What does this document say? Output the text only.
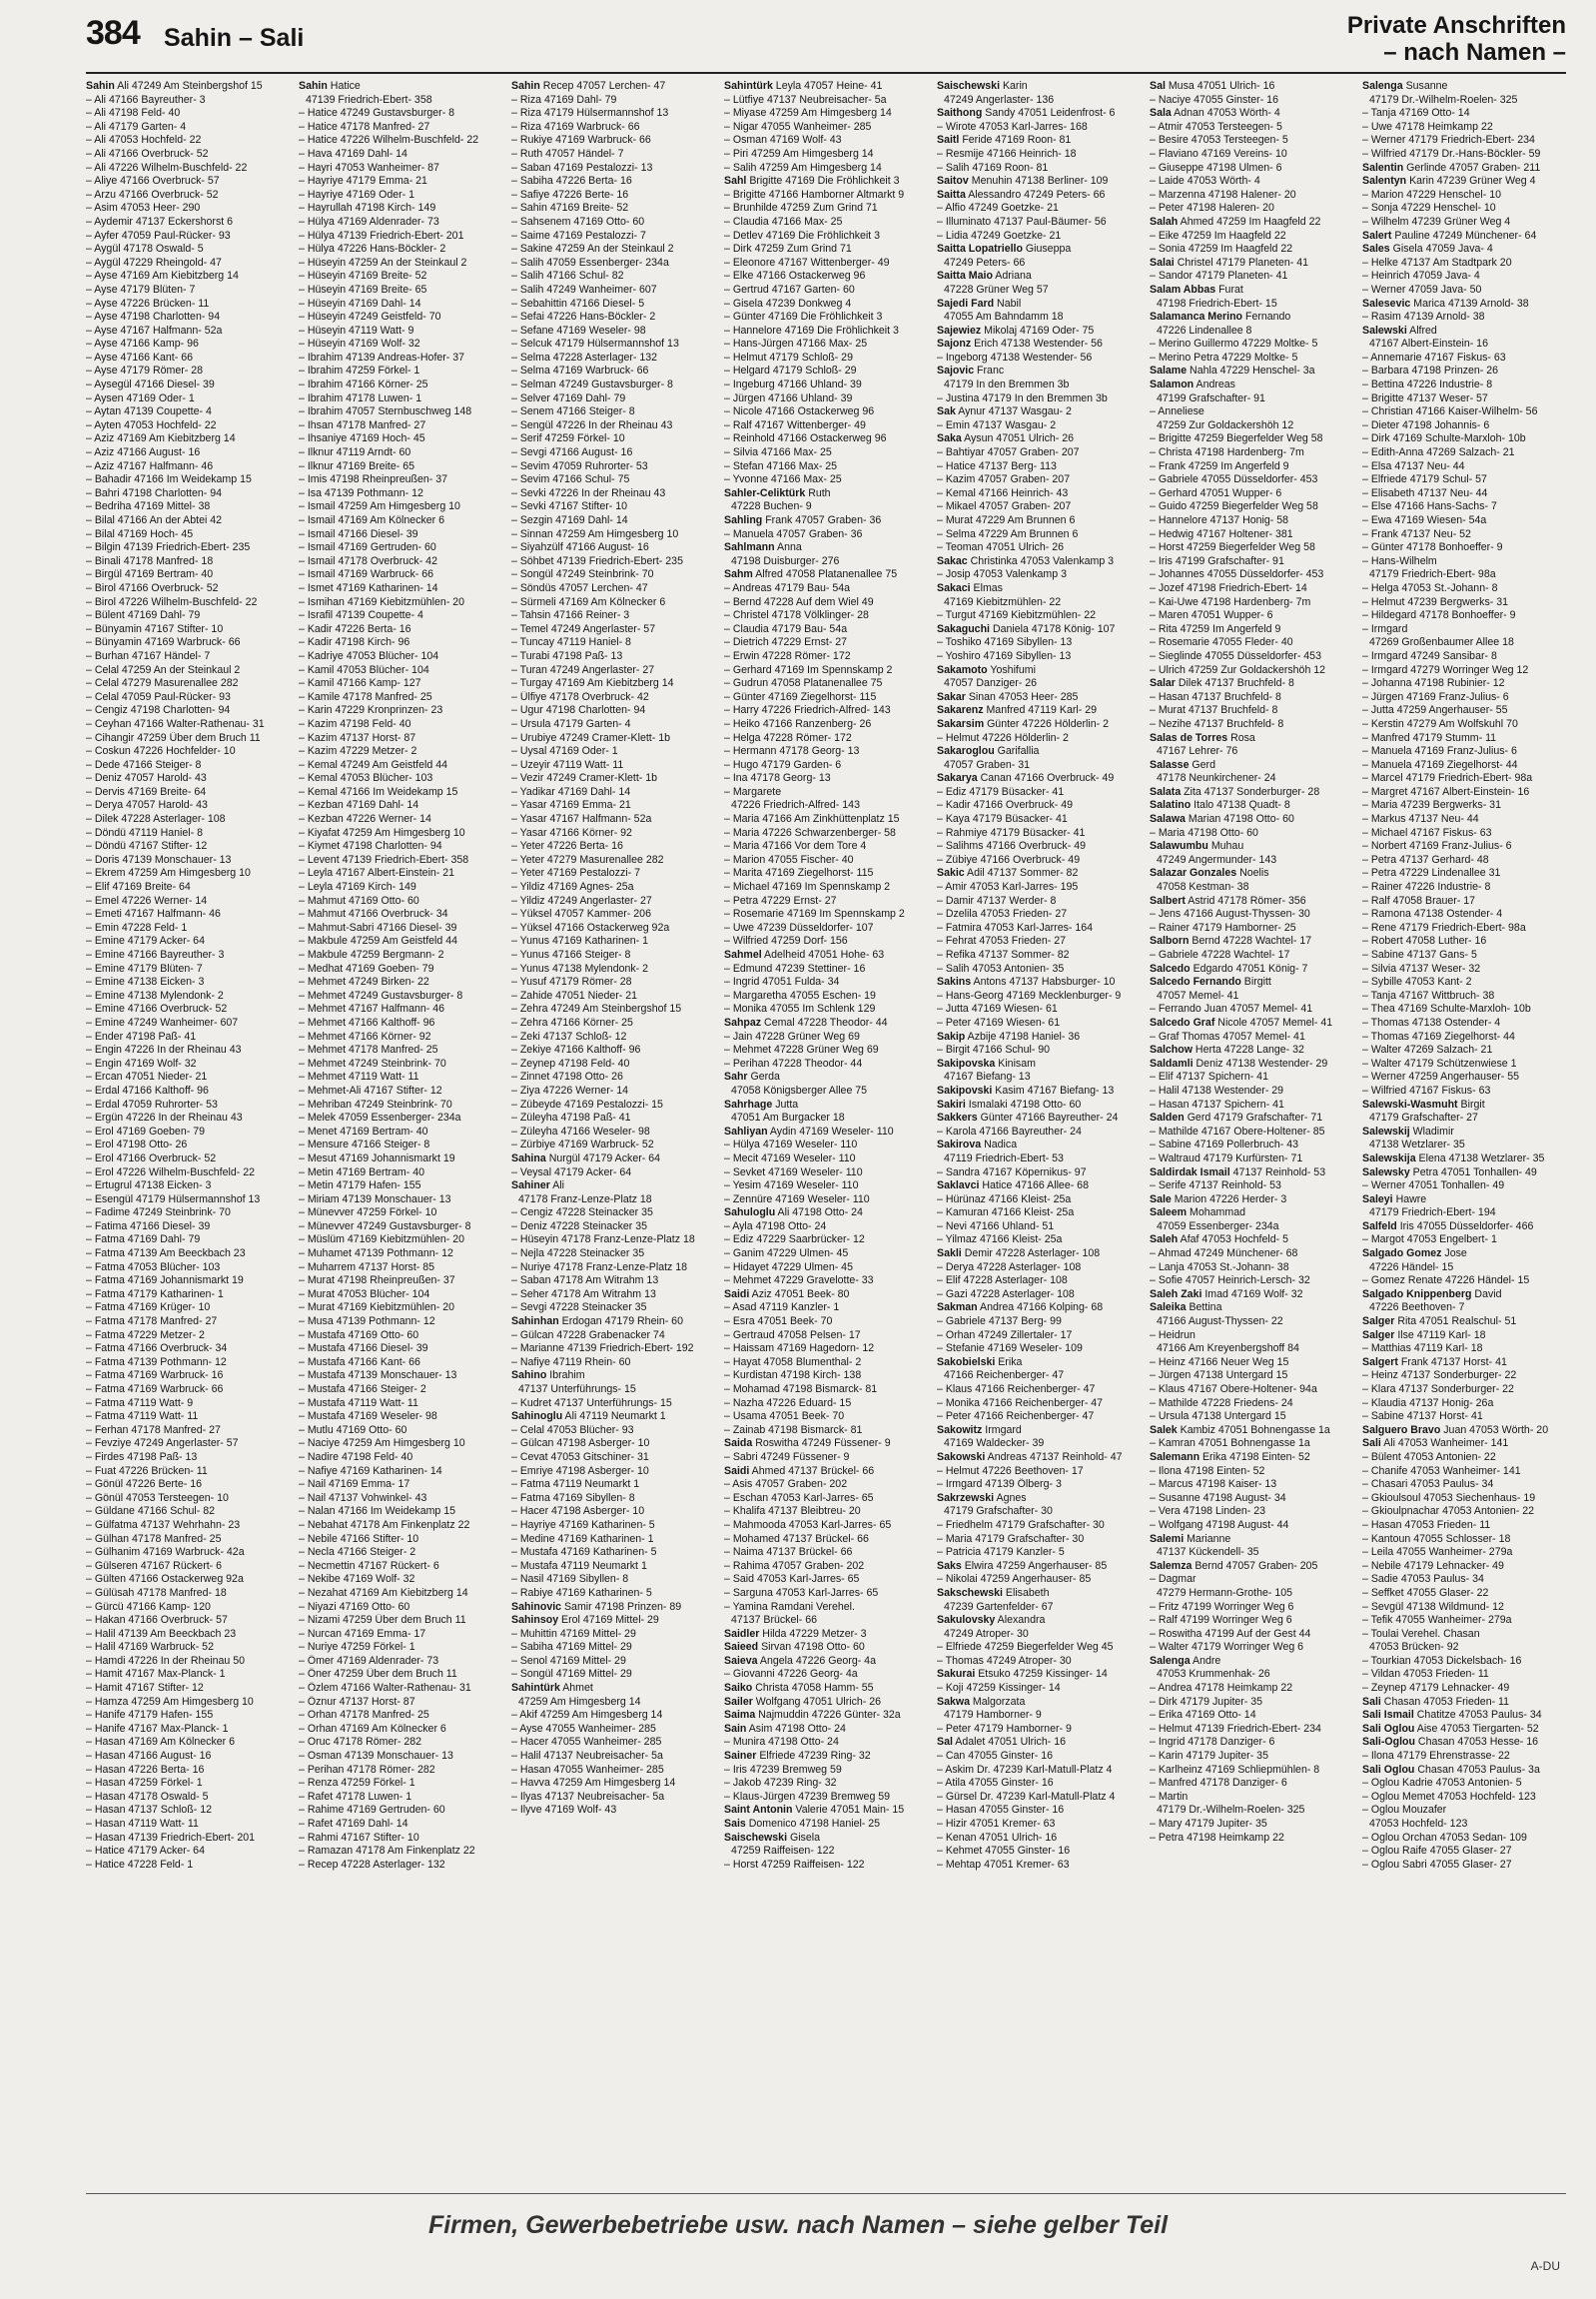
384 Sahin – Sali	Private Anschriften
– nach Namen –

Sahin Ali 47249 Am Steinbergshof 15

– Ali 47166 Bayreuther- 3

– Ali 47198 Feld- 40

– Ali 47179 Garten- 4

– Ali 47053 Hochfeld- 22

– Ali 47166 Overbruck- 52

– Ali 47226 Wilhelm-Buschfeld- 22

– Aliye 47166 Overbruck- 57

– Arzu 47166 Overbruck- 52

– Asim 47053 Heer- 290

– Aydemir 47137 Eckershorst 6

– Ayfer 47059 Paul-Rücker- 93

– Aygül 47178 Oswald- 5

– Aygül 47229 Rheingold- 47

– Ayse 47169 Am Kiebitzberg 14

– Ayse 47179 Blüten- 7

– Ayse 47226 Brücken- 11

– Ayse 47198 Charlotten- 94

– Ayse 47167 Halfmann- 52a

– Ayse 47166 Kamp- 96

– Ayse 47166 Kant- 66

– Ayse 47179 Römer- 28

– Aysegül 47166 Diesel- 39

– Aysen 47169 Oder- 1

– Aytan 47139 Coupette- 4

– Ayten 47053 Hochfeld- 22

– Aziz 47169 Am Kiebitzberg 14

– Aziz 47166 August- 16

– Aziz 47167 Halfmann- 46

– Bahadir 47166 Im Weidekamp 15

– Bahri 47198 Charlotten- 94

– Bedriha 47169 Mittel- 38

– Bilal 47166 An der Abtei 42

– Bilal 47169 Hoch- 45

– Bilgin 47139 Friedrich-Ebert- 235

– Binali 47178 Manfred- 18

– Birgül 47169 Bertram- 40

– Birol 47166 Overbruck- 52

– Birol 47226 Wilhelm-Buschfeld- 22

– Bülent 47169 Dahl- 79

– Bünyamin 47167 Stifter- 10

– Bünyamin 47169 Warbruck- 66

– Burhan 47167 Händel- 7

– Celal 47259 An der Steinkaul 2

– Celal 47279 Masurenallee 282

– Celal 47059 Paul-Rücker- 93

– Cengiz 47198 Charlotten- 94

– Ceyhan 47166 Walter-Rathenau- 31

– Cihangir 47259 Über dem Bruch 11

– Coskun 47226 Hochfelder- 10

– Dede 47166 Steiger- 8

– Deniz 47057 Harold- 43

– Dervis 47169 Breite- 64

– Derya 47057 Harold- 43

– Dilek 47228 Asterlager- 108

– Döndü 47119 Haniel- 8

– Döndü 47167 Stifter- 12

– Doris 47139 Monschauer- 13

– Ekrem 47259 Am Himgesberg 10

– Elif 47169 Breite- 64

– Emel 47226 Werner- 14

– Emeti 47167 Halfmann- 46

– Emin 47228 Feld- 1

– Emine 47179 Acker- 64

– Emine 47166 Bayreuther- 3

– Emine 47179 Blüten- 7

– Emine 47138 Eicken- 3

– Emine 47138 Mylendonk- 2

– Emine 47166 Overbruck- 52

– Emine 47249 Wanheimer- 607

– Ender 47198 Paß- 41

– Engin 47226 In der Rheinau 43

– Engin 47169 Wolf- 32

– Ercan 47051 Nieder- 21

– Erdal 47166 Kalthoff- 96

– Erdal 47059 Ruhrorter- 53

– Ergün 47226 In der Rheinau 43

– Erol 47169 Goeben- 79

– Erol 47198 Otto- 26

– Erol 47166 Overbruck- 52

– Erol 47226 Wilhelm-Buschfeld- 22

– Ertugrul 47138 Eicken- 3

– Esengül 47179 Hülsermannshof 13

– Fadime 47249 Steinbrink- 70

– Fatima 47166 Diesel- 39

– Fatma 47169 Dahl- 79

– Fatma 47139 Am Beeckbach 23

– Fatma 47053 Blücher- 103

– Fatma 47169 Johannismarkt 19

– Fatma 47179 Katharinen- 1

– Fatma 47169 Krüger- 10

– Fatma 47178 Manfred- 27

– Fatma 47229 Metzer- 2

– Fatma 47166 Overbruck- 34

– Fatma 47139 Pothmann- 12

– Fatma 47169 Warbruck- 16

– Fatma 47169 Warbruck- 66

– Fatma 47119 Watt- 9

– Fatma 47119 Watt- 11

– Ferhan 47178 Manfred- 27

– Fevziye 47249 Angerlaster- 57

– Firdes 47198 Paß- 13

– Fuat 47226 Brücken- 11

– Gönül 47226 Berte- 16

– Gönül 47053 Tersteegen- 10

– Güldane 47166 Schul- 82

– Gülfatma 47137 Wehrhahn- 23

– Gülhan 47178 Manfred- 25

– Gülhanim 47169 Warbruck- 42a

– Gülseren 47167 Rückert- 6

– Gülten 47166 Ostackerweg 92a

– Gülüsah 47178 Manfred- 18

– Gürcü 47166 Kamp- 120

– Hakan 47166 Overbruck- 57

– Halil 47139 Am Beeckbach 23

– Halil 47169 Warbruck- 52

– Hamdi 47226 In der Rheinau 50

– Hamit 47167 Max-Planck- 1

– Hamit 47167 Stifter- 12

– Hamza 47259 Am Himgesberg 10

– Hanife 47179 Hafen- 155

– Hanife 47167 Max-Planck- 1

– Hasan 47169 Am Kölnecker 6

– Hasan 47166 August- 16

– Hasan 47226 Berta- 16

– Hasan 47259 Förkel- 1

– Hasan 47178 Oswald- 5

– Hasan 47137 Schloß- 12

– Hasan 47119 Watt- 11

– Hasan 47139 Friedrich-Ebert- 201

– Hatice 47179 Acker- 64

– Hatice 47228 Feld- 1

Sahin Hatice

47139 Friedrich-Ebert- 358

– Hatice 47249 Gustavsburger- 8

– Hatice 47178 Manfred- 27

– Hatice 47226 Wilhelm-Buschfeld- 22

– Hava 47169 Dahl- 14

– Hayri 47053 Wanheimer- 87

– Hayriye 47179 Emma- 21

– Hayriye 47169 Oder- 1

– Hayrullah 47198 Kirch- 149

– Hülya 47169 Aldenrader- 73

– Hülya 47139 Friedrich-Ebert- 201

– Hülya 47226 Hans-Böckler- 2

– Hüseyin 47259 An der Steinkaul 2

– Hüseyin 47169 Breite- 52

– Hüseyin 47169 Breite- 65

– Hüseyin 47169 Dahl- 14

– Hüseyin 47249 Geistfeld- 70

– Hüseyin 47119 Watt- 9

– Hüseyin 47169 Wolf- 32

– Ibrahim 47139 Andreas-Hofer- 37

– Ibrahim 47259 Förkel- 1

– Ibrahim 47166 Körner- 25

– Ibrahim 47178 Luwen- 1

– Ibrahim 47057 Sternbuschweg 148

– Ihsan 47178 Manfred- 27

– Ihsaniye 47169 Hoch- 45

– Ilknur 47119 Arndt- 60

– Ilknur 47169 Breite- 65

– Imis 47198 Rheinpreußen- 37

– Isa 47139 Pothmann- 12

– Ismail 47259 Am Himgesberg 10

– Ismail 47169 Am Kölnecker 6

– Ismail 47166 Diesel- 39

– Ismail 47169 Gertruden- 60

– Ismail 47178 Overbruck- 42

– Ismail 47169 Warbruck- 66

– Ismet 47169 Katharinen- 14

– Ismihan 47169 Kiebitzmühlen- 20

– Israfil 47139 Coupette- 4

– Kadir 47226 Berta- 16

– Kadir 47198 Kirch- 96

– Kadriye 47053 Blücher- 104

– Kamil 47053 Blücher- 104

– Kamil 47166 Kamp- 127

– Kamile 47178 Manfred- 25

– Karin 47229 Kronprinzen- 23

– Kazim 47198 Feld- 40

– Kazim 47137 Horst- 87

– Kazim 47229 Metzer- 2

– Kemal 47249 Am Geistfeld 44

– Kemal 47053 Blücher- 103

– Kemal 47166 Im Weidekamp 15

– Kezban 47169 Dahl- 14

– Kezban 47226 Werner- 14

– Kiyafat 47259 Am Himgesberg 10

– Kiymet 47198 Charlotten- 94

– Levent 47139 Friedrich-Ebert- 358

– Leyla 47167 Albert-Einstein- 21

– Leyla 47169 Kirch- 149

– Mahmut 47169 Otto- 60

– Mahmut 47166 Overbruck- 34

– Mahmut-Sabri 47166 Diesel- 39

– Makbule 47259 Am Geistfeld 44

– Makbule 47259 Bergmann- 2

– Medhat 47169 Goeben- 79

– Mehmet 47249 Birken- 22

– Mehmet 47249 Gustavsburger- 8

– Mehmet 47167 Halfmann- 46

– Mehmet 47166 Kalthoff- 96

– Mehmet 47166 Körner- 92

– Mehmet 47178 Manfred- 25

– Mehmet 47249 Steinbrink- 70

– Mehmet 47119 Watt- 11

– Mehmet-Ali 47167 Stifter- 12

– Mehriban 47249 Steinbrink- 70

– Melek 47059 Essenberger- 234a

– Menet 47169 Bertram- 40

– Mensure 47166 Steiger- 8

– Mesut 47169 Johannismarkt 19

– Metin 47169 Bertram- 40

– Metin 47179 Hafen- 155

– Miriam 47139 Monschauer- 13

– Münevver 47259 Förkel- 10

– Münevver 47249 Gustavsburger- 8

– Müslüm 47169 Kiebitzmühlen- 20

– Muhamet 47139 Pothmann- 12

– Muharrem 47137 Horst- 85

– Murat 47198 Rheinpreußen- 37

– Murat 47053 Blücher- 104

– Murat 47169 Kiebitzmühlen- 20

– Musa 47139 Pothmann- 12

– Mustafa 47169 Otto- 60

– Mustafa 47166 Diesel- 39

– Mustafa 47166 Kant- 66

– Mustafa 47139 Monschauer- 13

– Mustafa 47166 Steiger- 2

– Mustafa 47119 Watt- 11

– Mustafa 47169 Weseler- 98

– Mutlu 47169 Otto- 60

– Naciye 47259 Am Himgesberg 10

– Nadire 47198 Feld- 40

– Nafiye 47169 Katharinen- 14

– Nail 47169 Emma- 17

– Nail 47137 Vohwinkel- 43

– Nalan 47166 Im Weidekamp 15

– Nebahat 47178 Am Finkenplatz 22

– Nebile 47166 Stifter- 10

– Necla 47166 Steiger- 2

– Necmettin 47167 Rückert- 6

– Nekibe 47169 Wolf- 32

– Nezahat 47169 Am Kiebitzberg 14

– Niyazi 47169 Otto- 60

– Nizami 47259 Über dem Bruch 11

– Nurcan 47169 Emma- 17

– Nuriye 47259 Förkel- 1

– Ömer 47169 Aldenrader- 73

– Öner 47259 Über dem Bruch 11

– Özlem 47166 Walter-Rathenau- 31

– Öznur 47137 Horst- 87

– Orhan 47178 Manfred- 25

– Orhan 47169 Am Kölnecker 6

– Oruc 47178 Römer- 282

– Osman 47139 Monschauer- 13

– Perihan 47178 Römer- 282

– Renza 47259 Förkel- 1

– Rafet 47178 Luwen- 1

– Rahime 47169 Gertruden- 60

– Rafet 47169 Dahl- 14

– Rahmi 47167 Stifter- 10

– Ramazan 47178 Am Finkenplatz 22

– Recep 47228 Asterlager- 132

Sahin Recep 47057 Lerchen- 47

– Riza 47169 Dahl- 79

– Riza 47179 Hülsermannshof 13

– Riza 47169 Warbruck- 66

– Rukiye 47169 Warbruck- 66

– Ruth 47057 Händel- 7

– Saban 47169 Pestalozzi- 13

– Sabiha 47226 Berta- 16

– Safiye 47226 Berte- 16

– Sahin 47169 Breite- 52

– Sahsenem 47169 Otto- 60

– Saime 47169 Pestalozzi- 7

– Sakine 47259 An der Steinkaul 2

– Salih 47059 Essenberger- 234a

– Salih 47166 Schul- 82

– Salih 47249 Wanheimer- 607

– Sebahittin 47166 Diesel- 5

– Sefai 47226 Hans-Böckler- 2

– Sefane 47169 Weseler- 98

– Selcuk 47179 Hülsermannshof 13

– Selma 47228 Asterlager- 132

– Selma 47169 Warbruck- 66

– Selman 47249 Gustavsburger- 8

– Selver 47169 Dahl- 79

– Senem 47166 Steiger- 8

– Sengül 47226 In der Rheinau 43

– Serif 47259 Förkel- 10

– Sevgi 47166 August- 16

– Sevim 47059 Ruhrorter- 53

– Sevim 47166 Schul- 75

– Sevki 47226 In der Rheinau 43

– Sevki 47167 Stifter- 10

– Sezgin 47169 Dahl- 14

– Sinnan 47259 Am Himgesberg 10

– Siyahzülf 47166 August- 16

– Söhbet 47139 Friedrich-Ebert- 235

– Songül 47249 Steinbrink- 70

– Söndüs 47057 Lerchen- 47

– Sürmeli 47169 Am Kölnecker 6

– Tahsin 47166 Reiner- 3

– Temel 47249 Angerlaster- 57

– Tuncay 47119 Haniel- 8

– Turabi 47198 Paß- 13

– Turan 47249 Angerlaster- 27

– Turgay 47169 Am Kiebitzberg 14

– Ülfiye 47178 Overbruck- 42

– Ugur 47198 Charlotten- 94

– Ursula 47179 Garten- 4

– Urubiye 47249 Cramer-Klett- 1b

– Uysal 47169 Oder- 1

– Uzeyir 47119 Watt- 11

– Vezir 47249 Cramer-Klett- 1b

– Yadikar 47169 Dahl- 14

– Yasar 47169 Emma- 21

– Yasar 47167 Halfmann- 52a

– Yasar 47166 Körner- 92

– Yeter 47226 Berta- 16

– Yeter 47279 Masurenallee 282

– Yeter 47169 Pestalozzi- 7

– Yildiz 47169 Agnes- 25a

– Yildiz 47249 Angerlaster- 27

– Yüksel 47057 Kammer- 206

– Yüksel 47166 Ostackerweg 92a

– Yunus 47169 Katharinen- 1

– Yunus 47166 Steiger- 8

– Yunus 47138 Mylendonk- 2

– Yusuf 47179 Römer- 28

– Zahide 47051 Nieder- 21

– Zehra 47249 Am Steinbergshof 15

– Zehra 47166 Körner- 25

– Zeki 47137 Schloß- 12

– Zekiye 47166 Kalthoff- 96

– Zeynep 47198 Feld- 40

– Zinnet 47198 Otto- 26

– Ziya 47226 Werner- 14

– Zübeyde 47169 Pestalozzi- 15

– Züleyha 47198 Paß- 41

– Züleyha 47166 Weseler- 98

– Zürbiye 47169 Warbruck- 52

Sahina Nurgül 47179 Acker- 64

– Veysal 47179 Acker- 64

Sahiner Ali

47178 Franz-Lenze-Platz 18

– Cengiz 47228 Steinacker 35

– Deniz 47228 Steinacker 35

– Hüseyin 47178 Franz-Lenze-Platz 18

– Nejla 47228 Steinacker 35

– Nuriye 47178 Franz-Lenze-Platz 18

– Saban 47178 Am Witrahm 13

– Seher 47178 Am Witrahm 13

– Sevgi 47228 Steinacker 35

Sahinhan Erdogan 47179 Rhein- 60

– Gülcan 47228 Grabenacker 74

– Marianne 47139 Friedrich-Ebert- 192

– Nafiye 47119 Rhein- 60

Sahino Ibrahim

47137 Unterführungs- 15

– Kudret 47137 Unterführungs- 15

Sahinoglu Ali 47119 Neumarkt 1

– Celal 47053 Blücher- 93

– Gülcan 47198 Asberger- 10

– Cevat 47053 Gitschiner- 31

– Emriye 47198 Asberger- 10

– Fatma 47119 Neumarkt 1

– Fatma 47169 Sibyllen- 8

– Hacer 47198 Asberger- 10

– Hayriye 47169 Katharinen- 5

– Medine 47169 Katharinen- 1

– Mustafa 47169 Katharinen- 5

– Mustafa 47119 Neumarkt 1

– Nasil 47169 Sibyllen- 8

– Rabiye 47169 Katharinen- 5

Sahinovic Samir 47198 Prinzen- 89

Sahinsoy Erol 47169 Mittel- 29

– Muhittin 47169 Mittel- 29

– Sabiha 47169 Mittel- 29

– Senol 47169 Mittel- 29

– Songül 47169 Mittel- 29

Sahintürk Ahmet

47259 Am Himgesberg 14

– Akif 47259 Am Himgesberg 14

– Ayse 47055 Wanheimer- 285

– Hacer 47055 Wanheimer- 285

– Halil 47137 Neubreisacher- 5a

– Hasan 47055 Wanheimer- 285

– Havva 47259 Am Himgesberg 14

– Ilyas 47137 Neubreisacher- 5a

– Ilyve 47169 Wolf- 43

Sahintürk Leyla 47057 Heine- 41

– Lütfiye 47137 Neubreisacher- 5a

– Miyase 47259 Am Himgesberg 14

– Nigar 47055 Wanheimer- 285

– Osman 47169 Wolf- 43

– Piri 47259 Am Himgesberg 14

– Salih 47259 Am Himgesberg 14

Sahl Brigitte 47169 Die Fröhlichkeit 3

– Brigitte 47166 Hamborner Altmarkt 9

– Brunhilde 47259 Zum Grind 71

– Claudia 47166 Max- 25

– Detlev 47169 Die Fröhlichkeit 3

– Dirk 47259 Zum Grind 71

– Eleonore 47167 Wittenberger- 49

– Elke 47166 Ostackerweg 96

– Gertrud 47167 Garten- 60

– Gisela 47239 Donkweg 4

– Günter 47169 Die Fröhlichkeit 3

– Hannelore 47169 Die Fröhlichkeit 3

– Hans-Jürgen 47166 Max- 25

– Helmut 47179 Schloß- 29

– Helgard 47179 Schloß- 29

– Ingeburg 47166 Uhland- 39

– Jürgen 47166 Uhland- 39

– Nicole 47166 Ostackerweg 96

– Ralf 47167 Wittenberger- 49

– Reinhold 47166 Ostackerweg 96

– Silvia 47166 Max- 25

– Stefan 47166 Max- 25

– Yvonne 47166 Max- 25

Sahler-Celiktürk Ruth

47228 Buchen- 9

Sahling Frank 47057 Graben- 36

– Manuela 47057 Graben- 36

Sahlmann Anna

47198 Duisburger- 276

Sahm Alfred 47058 Platanenallee 75

– Andreas 47179 Bau- 54a

– Bernd 47228 Auf dem Wiel 49

– Christel 47178 Völklinger- 28

– Claudia 47179 Bau- 54a

– Dietrich 47229 Ernst- 27

– Erwin 47228 Römer- 172

– Gerhard 47169 Im Spennskamp 2

– Gudrun 47058 Platanenallee 75

– Günter 47169 Ziegelhorst- 115

– Harry 47226 Friedrich-Alfred- 143

– Heiko 47166 Ranzenberg- 26

– Helga 47228 Römer- 172

– Hermann 47178 Georg- 13

– Hugo 47179 Garden- 6

– Ina 47178 Georg- 13

– Margarete

47226 Friedrich-Alfred- 143

– Maria 47166 Am Zinkhüttenplatz 15

– Maria 47226 Schwarzenberger- 58

– Maria 47166 Vor dem Tore 4

– Marion 47055 Fischer- 40

– Marita 47169 Ziegelhorst- 115

– Michael 47169 Im Spennskamp 2

– Petra 47229 Ernst- 27

– Rosemarie 47169 Im Spennskamp 2

– Uwe 47239 Düsseldorfer- 107

– Wilfried 47259 Dorf- 156

Sahmel Adelheid 47051 Hohe- 63

– Edmund 47239 Stettiner- 16

– Ingrid 47051 Fulda- 34

– Margaretha 47055 Eschen- 19

– Monika 47055 Im Schlenk 129

Sahpaz Cemal 47228 Theodor- 44

– Jain 47228 Grüner Weg 69

– Mehmet 47228 Grüner Weg 69

– Perihan 47228 Theodor- 44

Sahr Gerda

47058 Königsberger Allee 75

Sahrhage Jutta

47051 Am Burgacker 18

Sahliyan Aydin 47169 Weseler- 110

– Hülya 47169 Weseler- 110

– Mecit 47169 Weseler- 110

– Sevket 47169 Weseler- 110

– Yesim 47169 Weseler- 110

– Zennüre 47169 Weseler- 110

Sahuloglu Ali 47198 Otto- 24

– Ayla 47198 Otto- 24

– Ediz 47229 Saarbrücker- 12

– Ganim 47229 Ulmen- 45

– Hidayet 47229 Ulmen- 45

– Mehmet 47229 Gravelotte- 33

Saidi Aziz 47051 Beek- 80

– Asad 47119 Kanzler- 1

– Esra 47051 Beek- 70

– Gertraud 47058 Pelsen- 17

– Haissam 47169 Hagedorn- 12

– Hayat 47058 Blumenthal- 2

– Kurdistan 47198 Kirch- 138

– Mohamad 47198 Bismarck- 81

– Nazha 47226 Eduard- 15

– Usama 47051 Beek- 70

– Zainab 47198 Bismarck- 81

Saida Roswitha 47249 Füssener- 9

– Sabri 47249 Füssener- 9

Saidi Ahmed 47137 Brückel- 66

– Asis 47057 Graben- 202

– Eschan 47053 Karl-Jarres- 65

– Khalifa 47137 Bleibtreu- 20

– Mahmooda 47053 Karl-Jarres- 65

– Mohamed 47137 Brückel- 66

– Naima 47137 Brückel- 66

– Rahima 47057 Graben- 202

– Said 47053 Karl-Jarres- 65

– Sarguna 47053 Karl-Jarres- 65

– Yamina Ramdani Verehel.

47137 Brückel- 66

Saidler Hilda 47229 Metzer- 3

Saieed Sirvan 47198 Otto- 60

Saieva Angela 47226 Georg- 4a

– Giovanni 47226 Georg- 4a

Saiko Christa 47058 Hamm- 55

Sailer Wolfgang 47051 Ulrich- 26

Saima Najmuddin 47226 Günter- 32a

Sain Asim 47198 Otto- 24

– Munira 47198 Otto- 24

Sainer Elfriede 47239 Ring- 32

– Iris 47239 Bremweg 59

– Jakob 47239 Ring- 32

– Klaus-Jürgen 47239 Bremweg 59

Saint Antonin Valerie 47051 Main- 15

Sais Domenico 47198 Haniel- 25

Saischewski Gisela

47259 Raiffeisen- 122

– Horst 47259 Raiffeisen- 122

Saischewski Karin

47249 Angerlaster- 136

Saithong Sandy 47051 Leidenfrost- 6

– Wirote 47053 Karl-Jarres- 168

Saitl Feride 47169 Roon- 81

– Resmije 47166 Heinrich- 18

– Salih 47169 Roon- 81

Saitov Menuhin 47138 Berliner- 109

Saitta Alessandro 47249 Peters- 66

– Alfio 47249 Goetzke- 21

– Illuminato 47137 Paul-Bäumer- 56

– Lidia 47249 Goetzke- 21

Saitta Lopatriello Giuseppa

47249 Peters- 66

Saitta Maio Adriana

47228 Grüner Weg 57

Sajedi Fard Nabil

47055 Am Bahndamm 18

Sajewiez Mikolaj 47169 Oder- 75

Sajonz Erich 47138 Westender- 56

– Ingeborg 47138 Westender- 56

Sajovic Franc

47179 In den Bremmen 3b

– Justina 47179 In den Bremmen 3b

Sak Aynur 47137 Wasgau- 2

– Emin 47137 Wasgau- 2

Saka Aysun 47051 Ulrich- 26

– Bahtiyar 47057 Graben- 207

– Hatice 47137 Berg- 113

– Kazim 47057 Graben- 207

– Kemal 47166 Heinrich- 43

– Mikael 47057 Graben- 207

– Murat 47229 Am Brunnen 6

– Selma 47229 Am Brunnen 6

– Teoman 47051 Ulrich- 26

Sakac Christinka 47053 Valenkamp 3

– Josip 47053 Valenkamp 3

Sakaci Elmas

47169 Kiebitzmühlen- 22

– Turgut 47169 Kiebitzmühlen- 22

Sakaguchi Daniela 47178 König- 107

– Toshiko 47169 Sibyllen- 13

– Yoshiro 47169 Sibyllen- 13

Sakamoto Yoshifumi

47057 Danziger- 26

Sakar Sinan 47053 Heer- 285

Sakarenz Manfred 47119 Karl- 29

Sakarsim Günter 47226 Hölderlin- 2

– Helmut 47226 Hölderlin- 2

Sakaroglou Garifallia

47057 Graben- 31

Sakarya Canan 47166 Overbruck- 49

– Ediz 47179 Büsacker- 41

– Kadir 47166 Overbruck- 49

– Kaya 47179 Büsacker- 41

– Rahmiye 47179 Büsacker- 41

– Salihms 47166 Overbruck- 49

– Zübiye 47166 Overbruck- 49

Sakic Adil 47137 Sommer- 82

– Amir 47053 Karl-Jarres- 195

– Damir 47137 Werder- 8

– Dzelila 47053 Frieden- 27

– Fatmira 47053 Karl-Jarres- 164

– Fehrat 47053 Frieden- 27

– Refika 47137 Sommer- 82

– Salih 47053 Antonien- 35

Sakins Antons 47137 Habsburger- 10

– Hans-Georg 47169 Mecklenburger- 9

– Jutta 47169 Wiesen- 61

– Peter 47169 Wiesen- 61

Sakip Azbije 47198 Haniel- 36

– Birgit 47166 Schul- 90

Sakipovska Kinisam

47167 Biefang- 13

Sakipovski Kasim 47167 Biefang- 13

Sakiri Ismalaki 47198 Otto- 60

Sakkers Günter 47166 Bayreuther- 24

– Karola 47166 Bayreuther- 24

Sakirova Nadica

47119 Friedrich-Ebert- 53

– Sandra 47167 Köpernikus- 97

Saklavci Hatice 47166 Allee- 68

– Hürünaz 47166 Kleist- 25a

– Kamuran 47166 Kleist- 25a

– Nevi 47166 Uhland- 51

– Yilmaz 47166 Kleist- 25a

Sakli Demir 47228 Asterlager- 108

– Derya 47228 Asterlager- 108

– Elif 47228 Asterlager- 108

– Gazi 47228 Asterlager- 108

Sakman Andrea 47166 Kolping- 68

– Gabriele 47137 Berg- 99

– Orhan 47249 Zillertaler- 17

– Stefanie 47169 Weseler- 109

Sakobielski Erika

47166 Reichenberger- 47

– Klaus 47166 Reichenberger- 47

– Monika 47166 Reichenberger- 47

– Peter 47166 Reichenberger- 47

Sakowitz Irmgard

47169 Waldecker- 39

Sakowski Andreas 47137 Reinhold- 47

– Helmut 47226 Beethoven- 17

– Irmgard 47139 Ölberg- 3

Sakrzewski Agnes

47179 Grafschafter- 30

– Friedhelm 47179 Grafschafter- 30

– Maria 47179 Grafschafter- 30

– Patricia 47179 Kanzler- 5

Saks Elwira 47259 Angerhauser- 85

– Nikolai 47259 Angerhauser- 85

Sakschewski Elisabeth

47239 Gartenfelder- 67

Sakulovsky Alexandra

47249 Atroper- 30

– Elfriede 47259 Biegerfelder Weg 45

– Thomas 47249 Atroper- 30

Sakurai Etsuko 47259 Kissinger- 14

– Koji 47259 Kissinger- 14

Sakwa Malgorzata

47179 Hamborner- 9

– Peter 47179 Hamborner- 9

Sal Adalet 47051 Ulrich- 16

– Can 47055 Ginster- 16

– Askim Dr. 47239 Karl-Matull-Platz 4

– Atila 47055 Ginster- 16

– Gürsel Dr. 47239 Karl-Matull-Platz 4

– Hasan 47055 Ginster- 16

– Hizir 47051 Kremer- 63

– Kenan 47051 Ulrich- 16

– Kehmet 47055 Ginster- 16

– Mehtap 47051 Kremer- 63

Sal Musa 47051 Ulrich- 16

– Naciye 47055 Ginster- 16

Sala Adnan 47053 Wörth- 4

– Atmir 47053 Tersteegen- 5

– Besire 47053 Tersteegen- 5

– Flaviano 47169 Vereins- 10

– Giuseppe 47198 Ulmen- 6

– Laide 47053 Wörth- 4

– Marzenna 47198 Halener- 20

– Peter 47198 Haleren- 20

Salah Ahmed 47259 Im Haagfeld 22

– Eike 47259 Im Haagfeld 22

– Sonia 47259 Im Haagfeld 22

Salai Christel 47179 Planeten- 41

– Sandor 47179 Planeten- 41

Salam Abbas Furat

47198 Friedrich-Ebert- 15

Salamanca Merino Fernando

47226 Lindenallee 8

– Merino Guillermo 47229 Moltke- 5

– Merino Petra 47229 Moltke- 5

Salame Nahla 47229 Henschel- 3a

Salamon Andreas

47199 Grafschafter- 91

– Anneliese

47259 Zur Goldackershöh 12

– Brigitte 47259 Biegerfelder Weg 58

– Christa 47198 Hardenberg- 7m

– Frank 47259 Im Angerfeld 9

– Gabriele 47055 Düsseldorfer- 453

– Gerhard 47051 Wupper- 6

– Guido 47259 Biegerfelder Weg 58

– Hannelore 47137 Honig- 58

– Hedwig 47167 Holtener- 381

– Horst 47259 Biegerfelder Weg 58

– Iris 47199 Grafschafter- 91

– Johannes 47055 Düsseldorfer- 453

– Jozef 47198 Friedrich-Ebert- 14

– Kai-Uwe 47198 Hardenberg- 7m

– Maren 47051 Wupper- 6

– Rita 47259 Im Angerfeld 9

– Rosemarie 47055 Fleder- 40

– Sieglinde 47055 Düsseldorfer- 453

– Ulrich 47259 Zur Goldackershöh 12

Salar Dilek 47137 Bruchfeld- 8

– Hasan 47137 Bruchfeld- 8

– Murat 47137 Bruchfeld- 8

– Nezihe 47137 Bruchfeld- 8

Salas de Torres Rosa

47167 Lehrer- 76

Salasse Gerd

47178 Neunkirchener- 24

Salata Zita 47137 Sonderburger- 28

Salatino Italo 47138 Quadt- 8

Salawa Marian 47198 Otto- 60

– Maria 47198 Otto- 60

Salawumbu Muhau

47249 Angermunder- 143

Salazar Gonzales Noelis

47058 Kestman- 38

Salbert Astrid 47178 Römer- 356

– Jens 47166 August-Thyssen- 30

– Rainer 47179 Hamborner- 25

Salborn Bernd 47228 Wachtel- 17

– Gabriele 47228 Wachtel- 17

Salcedo Edgardo 47051 König- 7

Salcedo Fernando Birgitt

47057 Memel- 41

– Ferrando Juan 47057 Memel- 41

Salcedo Graf Nicole 47057 Memel- 41

– Graf Thomas 47057 Memel- 41

Salchow Herta 47228 Lange- 32

Saldamli Deniz 47138 Westender- 29

– Elif 47137 Spichern- 41

– Halil 47138 Westender- 29

– Hasan 47137 Spichern- 41

Salden Gerd 47179 Grafschafter- 71

– Mathilde 47167 Obere-Holtener- 85

– Sabine 47169 Pollerbruch- 43

– Waltraud 47179 Kurfürsten- 71

Saldirdak Ismail 47137 Reinhold- 53

– Serife 47137 Reinhold- 53

Sale Marion 47226 Herder- 3

Saleem Mohammad

47059 Essenberger- 234a

Saleh Afaf 47053 Hochfeld- 5

– Ahmad 47249 Münchener- 68

– Lanja 47053 St.-Johann- 38

– Sofie 47057 Heinrich-Lersch- 32

Saleh Zaki Imad 47169 Wolf- 32

Saleika Bettina

47166 August-Thyssen- 22

– Heidrun

47166 Am Kreyenbergshoff 84

– Heinz 47166 Neuer Weg 15

– Jürgen 47138 Untergard 15

– Klaus 47167 Obere-Holtener- 94a

– Mathilde 47228 Friedens- 24

– Ursula 47138 Untergard 15

Salek Kambiz 47051 Bohnengasse 1a

– Kamran 47051 Bohnengasse 1a

Salemann Erika 47198 Einten- 52

– Ilona 47198 Einten- 52

– Marcus 47198 Kaiser- 13

– Susanne 47198 August- 34

– Vera 47198 Linden- 23

– Wolfgang 47198 August- 44

Salemi Marianne

47137 Kückendell- 35

Salemza Bernd 47057 Graben- 205

– Dagmar

47279 Hermann-Grothe- 105

– Fritz 47199 Worringer Weg 6

– Ralf 47199 Worringer Weg 6

– Roswitha 47199 Auf der Gest 44

– Walter 47179 Worringer Weg 6

Salenga Andre

47053 Krummenhak- 26

– Andrea 47178 Heimkamp 22

– Dirk 47179 Jupiter- 35

– Erika 47169 Otto- 14

– Helmut 47139 Friedrich-Ebert- 234

– Ingrid 47178 Danziger- 6

– Karin 47179 Jupiter- 35

– Karlheinz 47169 Schliepmühlen- 8

– Manfred 47178 Danziger- 6

– Martin

47179 Dr.-Wilhelm-Roelen- 325

– Mary 47179 Jupiter- 35

– Petra 47198 Heimkamp 22

Salenga Susanne

47179 Dr.-Wilhelm-Roelen- 325

– Tanja 47169 Otto- 14

– Uwe 47178 Heimkamp 22

– Werner 47179 Friedrich-Ebert- 234

– Wilfried 47179 Dr.-Hans-Böckler- 59

Salentin Gerlinde 47057 Graben- 211

Salentyn Karin 47239 Grüner Weg 4

– Marion 47229 Henschel- 10

– Sonja 47229 Henschel- 10

– Wilhelm 47239 Grüner Weg 4

Salert Pauline 47249 Münchener- 64

Sales Gisela 47059 Java- 4

– Helke 47137 Am Stadtpark 20

– Heinrich 47059 Java- 4

– Werner 47059 Java- 50

Salesevic Marica 47139 Arnold- 38

– Rasim 47139 Arnold- 38

Salewski Alfred

47167 Albert-Einstein- 16

– Annemarie 47167 Fiskus- 63

– Barbara 47198 Prinzen- 26

– Bettina 47226 Industrie- 8

– Brigitte 47137 Weser- 57

– Christian 47166 Kaiser-Wilhelm- 56

– Dieter 47198 Johannis- 6

– Dirk 47169 Schulte-Marxloh- 10b

– Edith-Anna 47269 Salzach- 21

– Elsa 47137 Neu- 44

– Elfriede 47179 Schul- 57

– Elisabeth 47137 Neu- 44

– Else 47166 Hans-Sachs- 7

– Ewa 47169 Wiesen- 54a

– Frank 47137 Neu- 52

– Günter 47178 Bonhoeffer- 9

– Hans-Wilhelm

47179 Friedrich-Ebert- 98a

– Helga 47053 St.-Johann- 8

– Helmut 47239 Bergwerks- 31

– Hildegard 47178 Bonhoeffer- 9

– Irmgard

47269 Großenbaumer Allee 18

– Irmgard 47249 Sansibar- 8

– Irmgard 47279 Worringer Weg 12

– Johanna 47198 Rubinier- 12

– Jürgen 47169 Franz-Julius- 6

– Jutta 47259 Angerhauser- 55

– Kerstin 47279 Am Wolfskuhl 70

– Manfred 47179 Stumm- 11

– Manuela 47169 Franz-Julius- 6

– Manuela 47169 Ziegelhorst- 44

– Marcel 47179 Friedrich-Ebert- 98a

– Margret 47167 Albert-Einstein- 16

– Maria 47239 Bergwerks- 31

– Markus 47137 Neu- 44

– Michael 47167 Fiskus- 63

– Norbert 47169 Franz-Julius- 6

– Petra 47137 Gerhard- 48

– Petra 47229 Lindenallee 31

– Rainer 47226 Industrie- 8

– Ralf 47058 Brauer- 17

– Ramona 47138 Ostender- 4

– Rene 47179 Friedrich-Ebert- 98a

– Robert 47058 Luther- 16

– Sabine 47137 Gans- 5

– Silvia 47137 Weser- 32

– Sybille 47053 Kant- 2

– Tanja 47167 Wittbruch- 38

– Thea 47169 Schulte-Marxloh- 10b

– Thomas 47138 Ostender- 4

– Thomas 47169 Ziegelhorst- 44

– Walter 47269 Salzach- 21

– Walter 47179 Schützenwiese 1

– Werner 47259 Angerhauser- 55

– Wilfried 47167 Fiskus- 63

Salewski-Wasmuht Birgit

47179 Grafschafter- 27

Salewskij Wladimir

47138 Wetzlarer- 35

Salewskija Elena 47138 Wetzlarer- 35

Salewsky Petra 47051 Tonhallen- 49

– Werner 47051 Tonhallen- 49

Saleyi Hawre

47179 Friedrich-Ebert- 194

Salfeld Iris 47055 Düsseldorfer- 466

– Margot 47053 Engelbert- 1

Salgado Gomez Jose

47226 Händel- 15

– Gomez Renate 47226 Händel- 15

Salgado Knippenberg David

47226 Beethoven- 7

Salger Rita 47051 Realschul- 51

Salger Ilse 47119 Karl- 18

– Matthias 47119 Karl- 18

Salgert Frank 47137 Horst- 41

– Heinz 47137 Sonderburger- 22

– Klara 47137 Sonderburger- 22

– Klaudia 47137 Honig- 26a

– Sabine 47137 Horst- 41

Salguero Bravo Juan 47053 Wörth- 20

Sali Ali 47053 Wanheimer- 141

– Bülent 47053 Antonien- 22

– Chanife 47053 Wanheimer- 141

– Chasari 47053 Paulus- 34

– Gkioulsoul 47053 Siechenhaus- 19

– Gkioulpnachar 47053 Antonien- 22

– Hasan 47053 Frieden- 11

– Kantoun 47055 Schlosser- 18

– Leila 47055 Wanheimer- 279a

– Nebile 47179 Lehnacker- 49

– Sadie 47053 Paulus- 34

– Seffket 47055 Glaser- 22

– Sevgül 47138 Wildmund- 12

– Tefik 47055 Wanheimer- 279a

– Toulai Verehel. Chasan

47053 Brücken- 92

– Tourkian 47053 Dickelsbach- 16

– Vildan 47053 Frieden- 11

– Zeynep 47179 Lehnacker- 49

Sali Chasan 47053 Frieden- 11

Sali Ismail Chatitze 47053 Paulus- 34

Sali Oglou Aise 47053 Tiergarten- 52

Sali-Oglou Chasan 47053 Hesse- 16

– Ilona 47179 Ehrenstrasse- 22

Sali Oglou Chasan 47053 Paulus- 3a

– Oglou Kadrie 47053 Antonien- 5

– Oglou Memet 47053 Hochfeld- 123

– Oglou Mouzafer

47053 Hochfeld- 123

– Oglou Orchan 47053 Sedan- 109

– Oglou Raife 47055 Glaser- 27

– Oglou Sabri 47055 Glaser- 27

Firmen, Gewerbebetriebe usw. nach Namen – siehe gelber Teil
A-DU
